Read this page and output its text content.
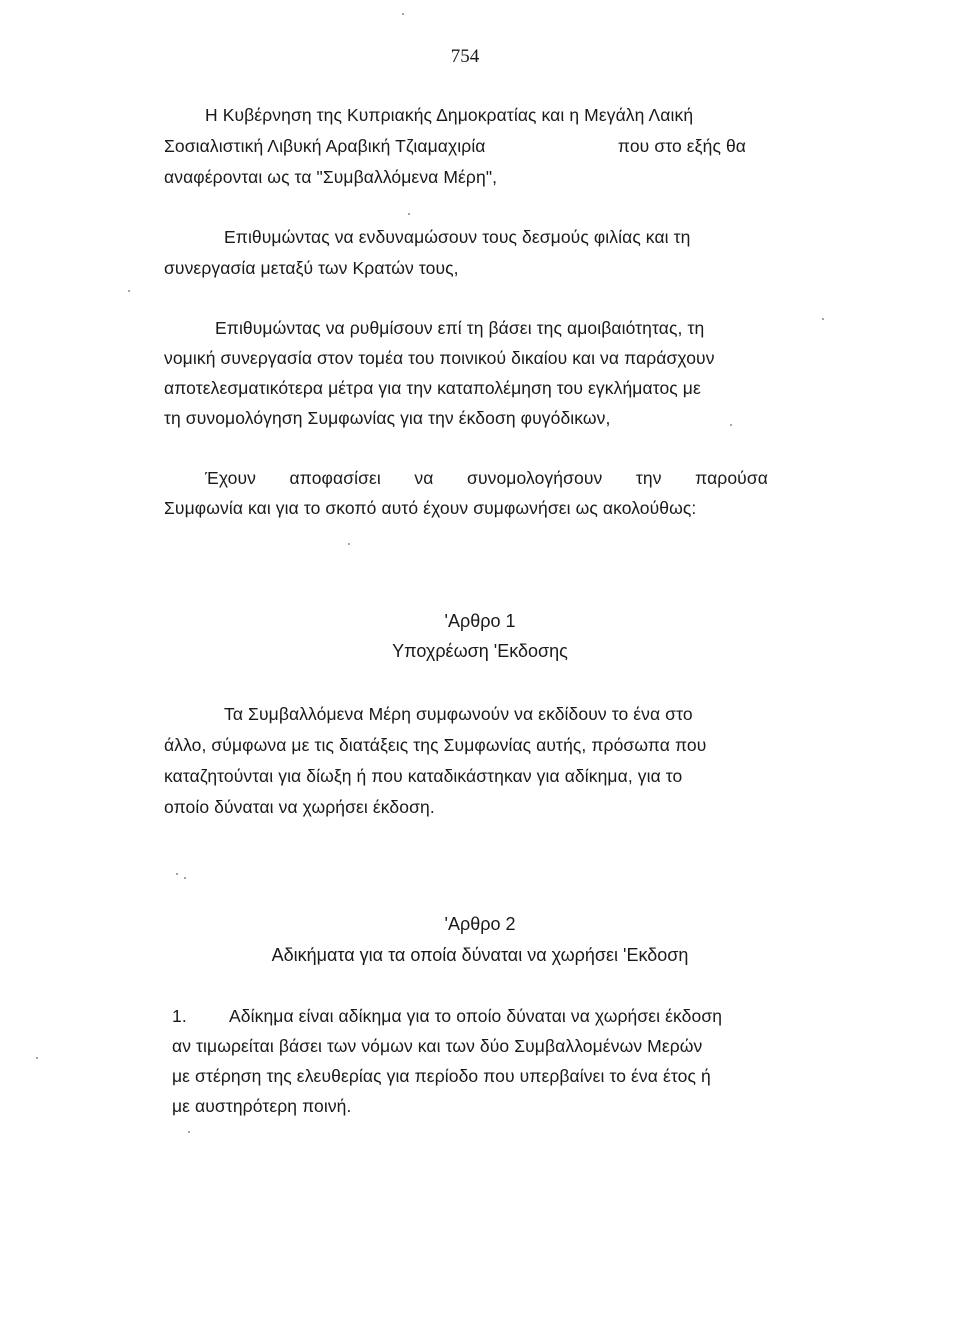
754
Η Κυβέρνηση της Κυπριακής Δημοκρατίας και η Μεγάλη Λαική
Σοσιαλιστική Λιβυκή Αραβική Τζιαμαχιρία	που στο εξής θα
αναφέρονται ως τα "Συμβαλλόμενα Μέρη",
Επιθυμώντας να ενδυναμώσουν τους δεσμούς φιλίας και τη
συνεργασία μεταξύ των Κρατών τους,
Επιθυμώντας να ρυθμίσουν επί τη βάσει της αμοιβαιότητας, τη
νομική συνεργασία στον τομέα του ποινικού δικαίου και να παράσχουν
αποτελεσματικότερα μέτρα για την καταπολέμηση του εγκλήματος με
τη συνομολόγηση Συμφωνίας για την έκδοση φυγόδικων,
Έχουν αποφασίσει να συνομολογήσουν την παρούσα
Συμφωνία και για το σκοπό αυτό έχουν συμφωνήσει ως ακολούθως:
'Αρθρο 1
Υποχρέωση 'Εκδοσης
Τα Συμβαλλόμενα Μέρη συμφωνούν να εκδίδουν το ένα στο
άλλο, σύμφωνα με τις διατάξεις της Συμφωνίας αυτής, πρόσωπα που
καταζητούνται για δίωξη ή που καταδικάστηκαν για αδίκημα, για το
οποίο δύναται να χωρήσει έκδοση.
'Αρθρο 2
Αδικήματα για τα οποία δύναται να χωρήσει 'Εκδοση
1. Αδίκημα είναι αδίκημα για το οποίο δύναται να χωρήσει έκδοση
αν τιμωρείται βάσει των νόμων και των δύο Συμβαλλομένων Μερών
με στέρηση της ελευθερίας για περίοδο που υπερβαίνει το ένα έτος ή
με αυστηρότερη ποινή.
